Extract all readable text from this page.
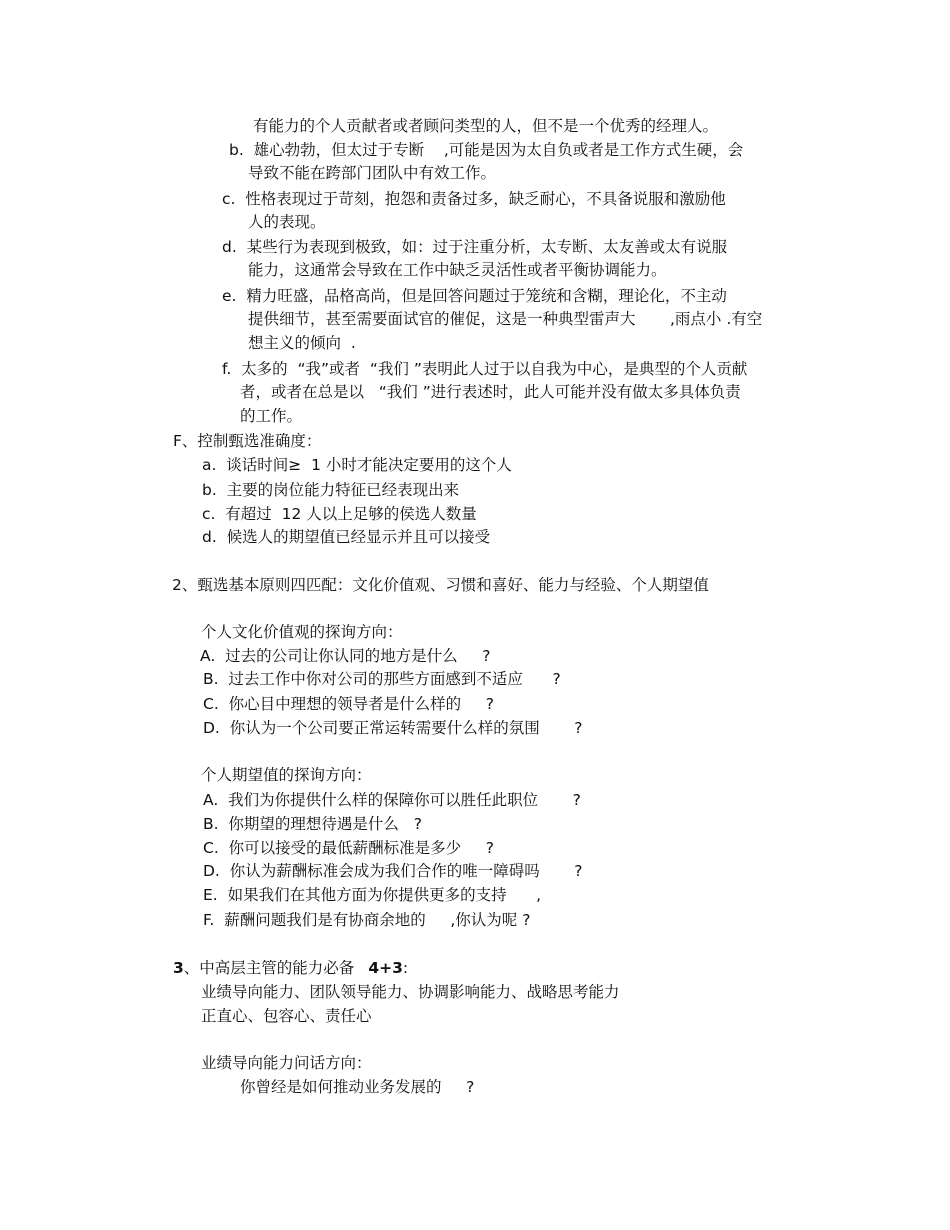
有能力的个人贡献者或者顾问类型的人，但不是一个优秀的经理人。
b.  雄心勃勃，但太过于专断    ,可能是因为太自负或者是工作方式生硬，会
导致不能在跨部门团队中有效工作。
c.  性格表现过于苛刻，抱怨和责备过多，缺乏耐心，不具备说服和激励他
人的表现。
d.  某些行为表现到极致，如：过于注重分析，太专断、太友善或太有说服
能力，这通常会导致在工作中缺乏灵活性或者平衡协调能力。
e.  精力旺盛，品格高尚，但是回答问题过于笼统和含糊，理论化，不主动
提供细节，甚至需要面试官的催促，这是一种典型雷声大       ,雨点小 .有空
想主义的倾向  .
f.  太多的  “我”或者  “我们 ”表明此人过于以自我为中心，是典型的个人贡献
者，或者在总是以   “我们 ”进行表述时，此人可能并没有做太多具体负责
的工作。
F、控制甄选准确度：
a.  谈话时间≥  1 小时才能决定要用的这个人
b.  主要的岗位能力特征已经表现出来
c.  有超过  12 人以上足够的侯选人数量
d.  候选人的期望值已经显示并且可以接受
2、甄选基本原则四匹配：文化价值观、习惯和喜好、能力与经验、个人期望值
个人文化价值观的探询方向：
A.  过去的公司让你认同的地方是什么     ?
B.  过去工作中你对公司的那些方面感到不适应      ?
C.  你心目中理想的领导者是什么样的     ?
D.  你认为一个公司要正常运转需要什么样的氛围       ?
个人期望值的探询方向：
A.  我们为你提供什么样的保障你可以胜任此职位       ?
B.  你期望的理想待遇是什么   ?
C.  你可以接受的最低薪酬标准是多少     ?
D.  你认为薪酬标准会成为我们合作的唯一障碍吗       ?
E.  如果我们在其他方面为你提供更多的支持      ,
F.  薪酬问题我们是有协商余地的     ,你认为呢 ?
3、中高层主管的能力必备 4+3:
业绩导向能力、团队领导能力、协调影响能力、战略思考能力
正直心、包容心、责任心
业绩导向能力问话方向：
你曾经是如何推动业务发展的     ?
